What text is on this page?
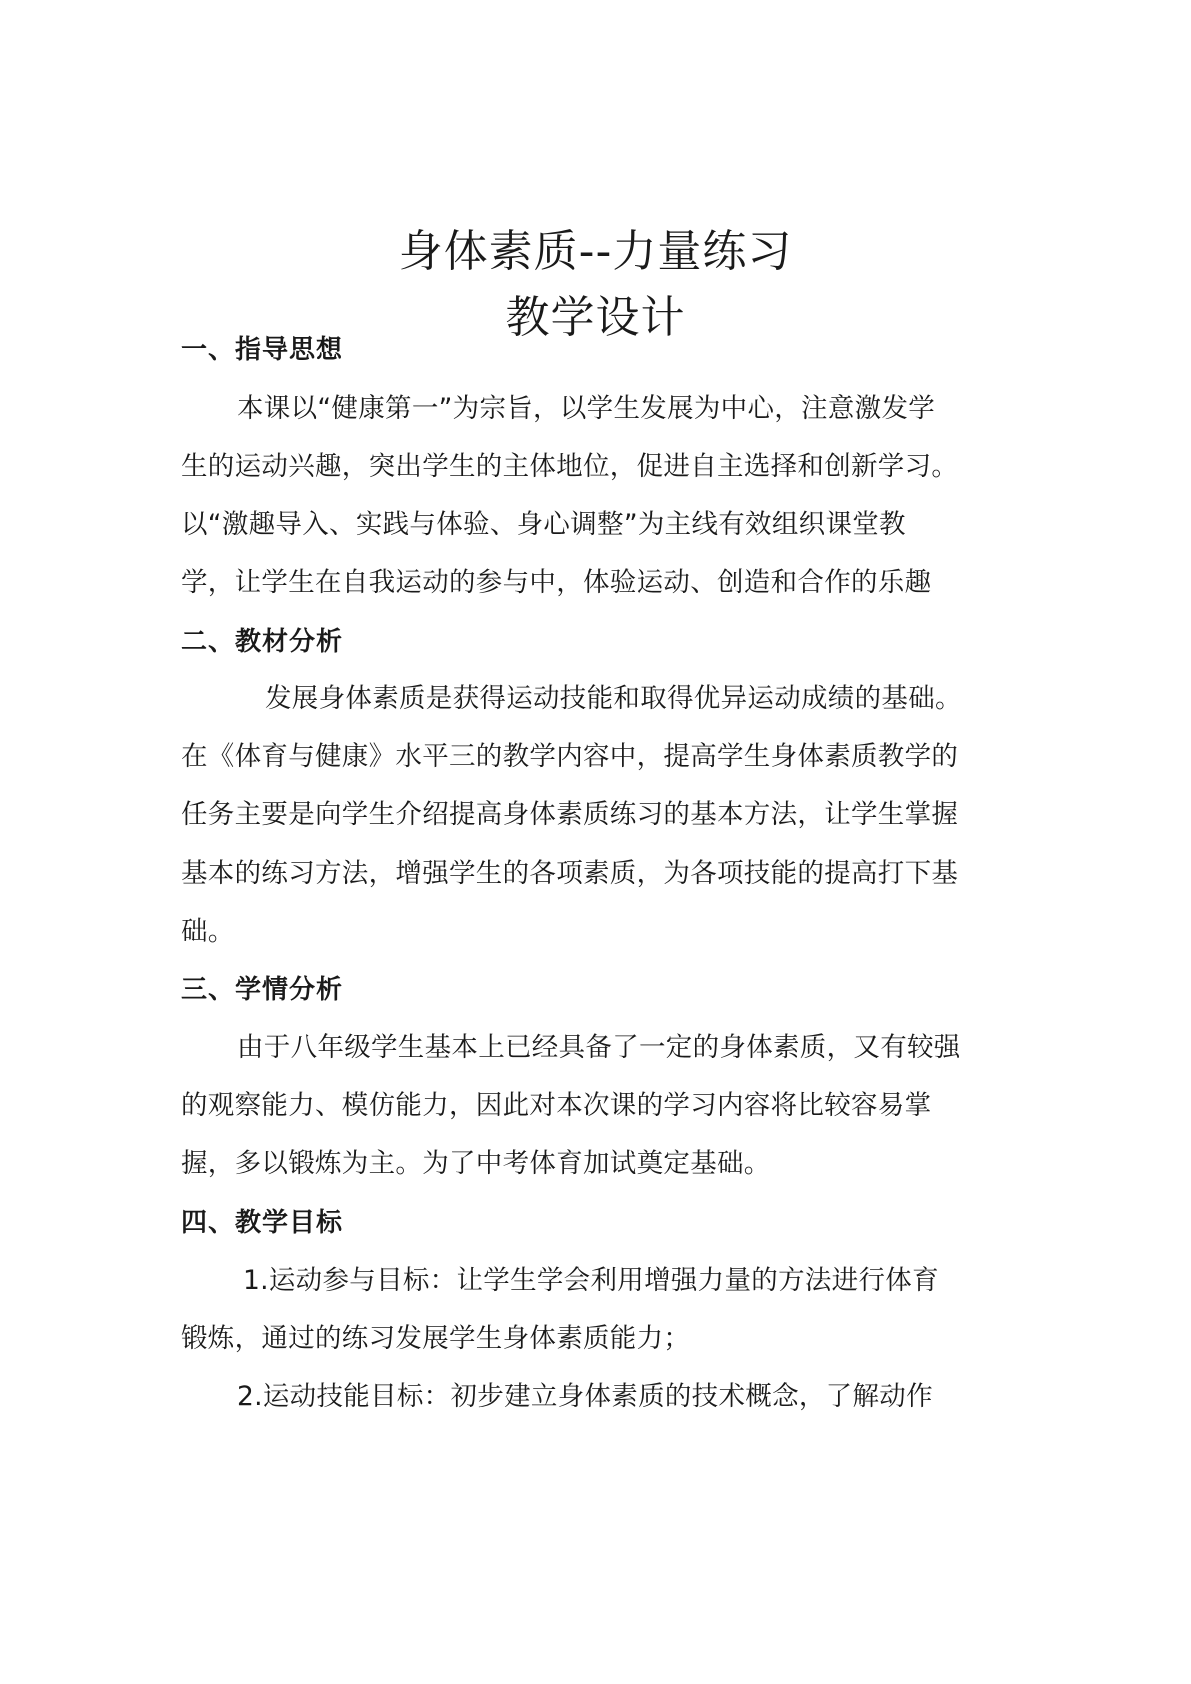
身体素质--力量练习
教学设计
一、指导思想
本课以“健康第一”为宗旨，以学生发展为中心，注意激发学
生的运动兴趣，突出学生的主体地位，促进自主选择和创新学习。
以“激趣导入、实践与体验、身心调整”为主线有效组织课堂教
学，让学生在自我运动的参与中，体验运动、创造和合作的乐趣
二、教材分析
发展身体素质是获得运动技能和取得优异运动成绩的基础。
在《体育与健康》水平三的教学内容中，提高学生身体素质教学的
任务主要是向学生介绍提高身体素质练习的基本方法，让学生掌握
基本的练习方法，增强学生的各项素质，为各项技能的提高打下基
础。
三、学情分析
由于八年级学生基本上已经具备了一定的身体素质，又有较强
的观察能力、模仿能力，因此对本次课的学习内容将比较容易掌
握，多以锻炼为主。为了中考体育加试奠定基础。
四、教学目标
1.运动参与目标：让学生学会利用增强力量的方法进行体育
锻炼，通过的练习发展学生身体素质能力；
2.运动技能目标：初步建立身体素质的技术概念，了解动作
